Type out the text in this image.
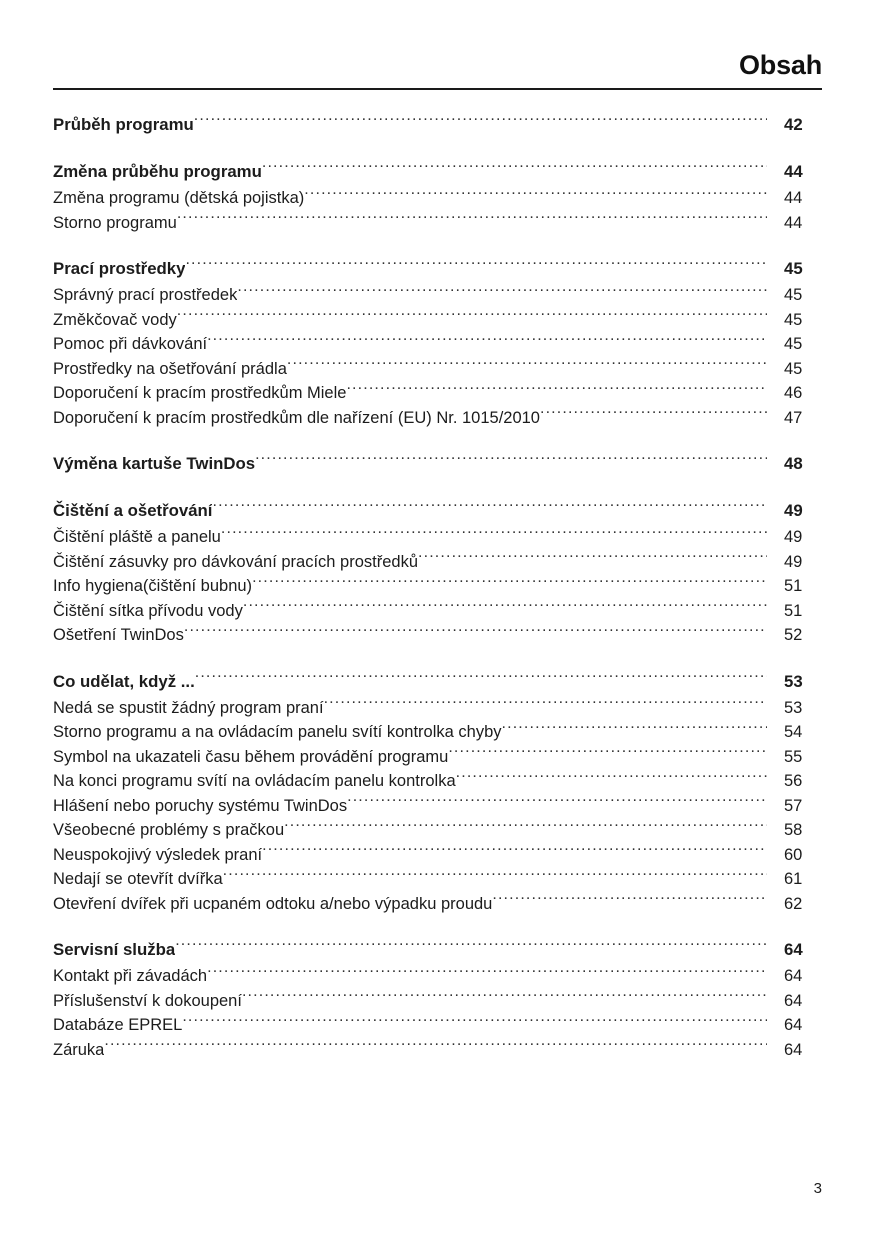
Obsah
Průběh programu .....	42
Změna průběhu programu .....	44
Změna programu (dětská pojistka) .....	44
Storno programu .....	44
Prací prostředky .....	45
Správný prací prostředek .....	45
Změkčovač vody .....	45
Pomoc při dávkování .....	45
Prostředky na ošetřování prádla .....	45
Doporučení k pracím prostředkům Miele .....	46
Doporučení k pracím prostředkům dle nařízení (EU) Nr. 1015/2010 .....	47
Výměna kartuše TwinDos .....	48
Čištění a ošetřování .....	49
Čištění pláště a panelu .....	49
Čištění zásuvky pro dávkování pracích prostředků .....	49
Info hygiena(čištění bubnu) .....	51
Čištění sítka přívodu vody .....	51
Ošetření TwinDos .....	52
Co udělat, když ... .....	53
Nedá se spustit žádný program praní .....	53
Storno programu a na ovládacím panelu svítí kontrolka chyby .....	54
Symbol na ukazateli času během provádění programu .....	55
Na konci programu svítí na ovládacím panelu kontrolka .....	56
Hlášení nebo poruchy systému TwinDos .....	57
Všeobecné problémy s pračkou .....	58
Neuspokojivý výsledek praní .....	60
Nedají se otevřít dvířka .....	61
Otevření dvířek při ucpaném odtoku a/nebo výpadku proudu .....	62
Servisní služba .....	64
Kontakt při závadách .....	64
Příslušenství k dokoupení .....	64
Databáze EPREL .....	64
Záruka .....	64
3
